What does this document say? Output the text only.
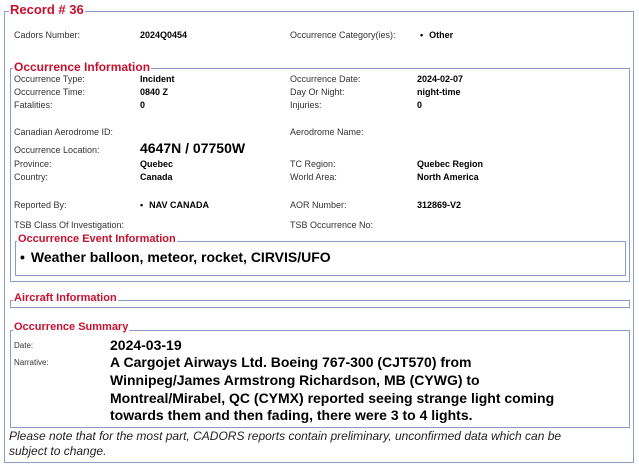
Record # 36
Cadors Number:	2024Q0454	Occurrence Category(ies):	• Other
Occurrence Information
Occurrence Type:	Incident	Occurrence Date:	2024-02-07
Occurrence Time:	0840 Z	Day Or Night:	night-time
Fatalities:	0	Injuries:	0
Canadian Aerodrome ID:	Aerodrome Name:
Occurrence Location:	4647N / 07750W
Province:	Quebec	TC Region:	Quebec Region
Country:	Canada	World Area:	North America
Reported By:	• NAV CANADA	AOR Number:	312869-V2
TSB Class Of Investigation:	TSB Occurrence No:
Occurrence Event Information
• Weather balloon, meteor, rocket, CIRVIS/UFO
Aircraft Information
Occurrence Summary
Date:	2024-03-19
Narrative:	A Cargojet Airways Ltd. Boeing 767-300 (CJT570) from
Winnipeg/James Armstrong Richardson, MB (CYWG) to
Montreal/Mirabel, QC (CYMX) reported seeing strange light coming
towards them and then fading, there were 3 to 4 lights.
Please note that for the most part, CADORS reports contain preliminary, unconfirmed data which can be
subject to change.
